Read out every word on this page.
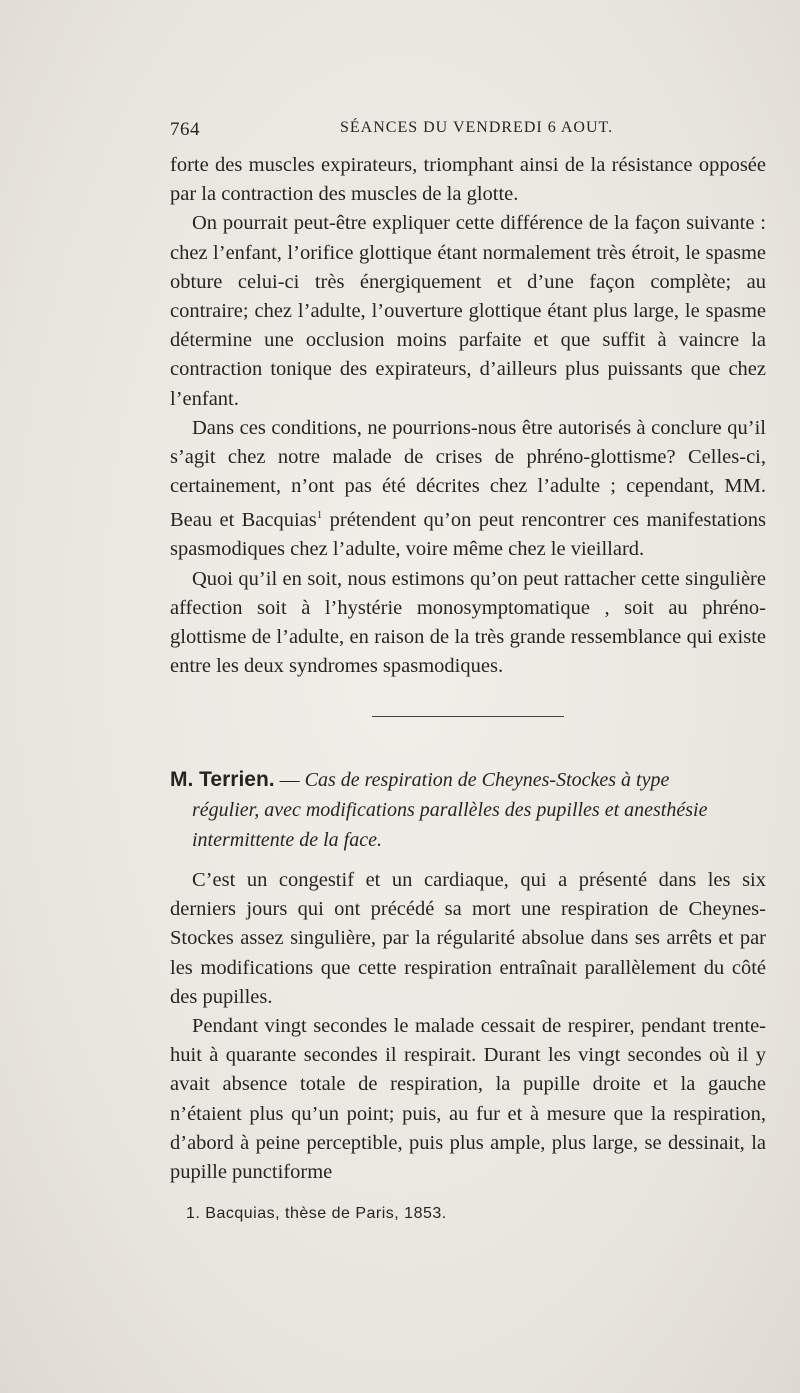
764	SÉANCES DU VENDREDI 6 AOUT.

forte des muscles expirateurs, triomphant ainsi de la résistance opposée par la contraction des muscles de la glotte.

On pourrait peut-être expliquer cette différence de la façon suivante : chez l’enfant, l’orifice glottique étant normalement très étroit, le spasme obture celui-ci très énergiquement et d’une façon complète; au contraire; chez l’adulte, l’ouverture glottique étant plus large, le spasme détermine une occlusion moins parfaite et que suffit à vaincre la contraction tonique des expirateurs, d’ailleurs plus puissants que chez l’enfant.

Dans ces conditions, ne pourrions-nous être autorisés à conclure qu’il s’agit chez notre malade de crises de phréno-glottisme? Celles-ci, certainement, n’ont pas été décrites chez l’adulte ; cependant, MM. Beau et Bacquias$^1$ prétendent qu’on peut rencontrer ces manifestations spasmodiques chez l’adulte, voire même chez le vieillard.

Quoi qu’il en soit, nous estimons qu’on peut rattacher cette singulière affection soit à l’hystérie monosymptomatique , soit au phréno-glottisme de l’adulte, en raison de la très grande ressemblance qui existe entre les deux syndromes spasmodiques.

M. Terrien. — Cas de respiration de Cheynes-Stockes à type
régulier, avec modifications parallèles des pupilles et anesthésie
intermittente de la face.

C’est un congestif et un cardiaque, qui a présenté dans les six derniers jours qui ont précédé sa mort une respiration de Cheynes-Stockes assez singulière, par la régularité absolue dans ses arrêts et par les modifications que cette respiration entraînait parallèlement du côté des pupilles.

Pendant vingt secondes le malade cessait de respirer, pendant trente-huit à quarante secondes il respirait. Durant les vingt secondes où il y avait absence totale de respiration, la pupille droite et la gauche n’étaient plus qu’un point; puis, au fur et à mesure que la respiration, d’abord à peine perceptible, puis plus ample, plus large, se dessinait, la pupille punctiforme

1. Bacquias, thèse de Paris, 1853.
